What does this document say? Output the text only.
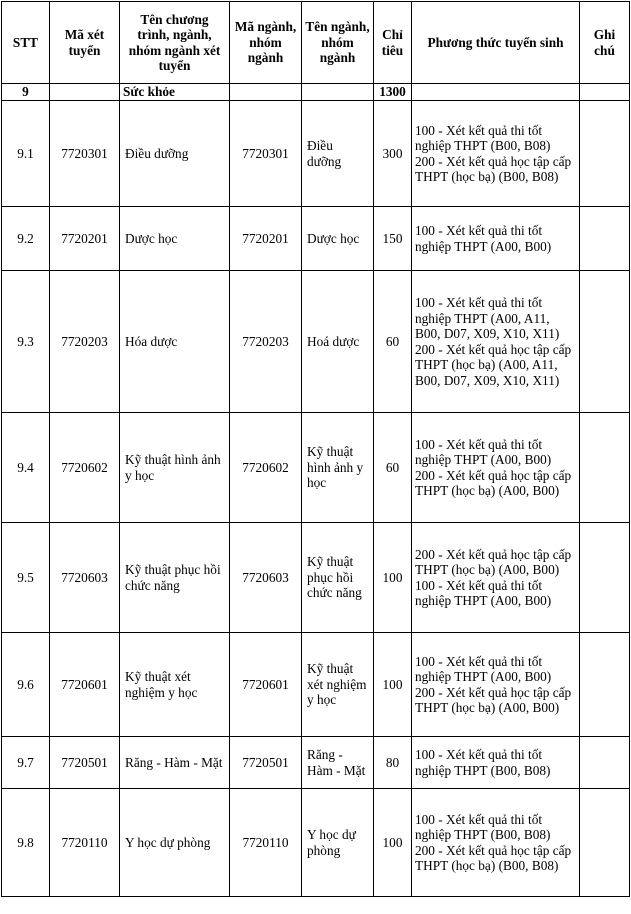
STT	Mã xét tuyển	Tên chương trình, ngành, nhóm ngành xét tuyển	Mã ngành, nhóm ngành	Tên ngành, nhóm ngành	Chỉ tiêu	Phương thức tuyển sinh	Ghi chú
9		Sức khỏe			1300		
9.1	7720301	Điều dưỡng	7720301	Điều dưỡng	300	100 - Xét kết quả thi tốt nghiệp THPT (B00, B08)
200 - Xét kết quả học tập cấp THPT (học bạ) (B00, B08)	

9.2	7720201	Dược học	7720201	Dược học	150	100 - Xét kết quả thi tốt nghiệp THPT (A00, B00)	

9.3	7720203	Hóa dược	7720203	Hoá dược	60	100 - Xét kết quả thi tốt nghiệp THPT (A00, A11, B00, D07, X09, X10, X11)
200 - Xét kết quả học tập cấp THPT (học bạ) (A00, A11, B00, D07, X09, X10, X11)	

9.4	7720602	Kỹ thuật hình ảnh y học	7720602	Kỹ thuật hình ảnh y học	60	100 - Xét kết quả thi tốt nghiệp THPT (A00, B00)
200 - Xét kết quả học tập cấp THPT (học bạ) (A00, B00)	

9.5	7720603	Kỹ thuật phục hồi chức năng	7720603	Kỹ thuật phục hồi chức năng	100	200 - Xét kết quả học tập cấp THPT (học bạ) (A00, B00)
100 - Xét kết quả thi tốt nghiệp THPT (A00, B00)	

9.6	7720601	Kỹ thuật xét nghiệm y học	7720601	Kỹ thuật xét nghiệm y học	100	100 - Xét kết quả thi tốt nghiệp THPT (A00, B00)
200 - Xét kết quả học tập cấp THPT (học bạ) (A00, B00)	

9.7	7720501	Răng - Hàm - Mặt	7720501	Răng - Hàm - Mặt	80	100 - Xét kết quả thi tốt nghiệp THPT (B00, B08)	

9.8	7720110	Y học dự phòng	7720110	Y học dự phòng	100	100 - Xét kết quả thi tốt nghiệp THPT (B00, B08)
200 - Xét kết quả học tập cấp THPT (học bạ) (B00, B08)	
